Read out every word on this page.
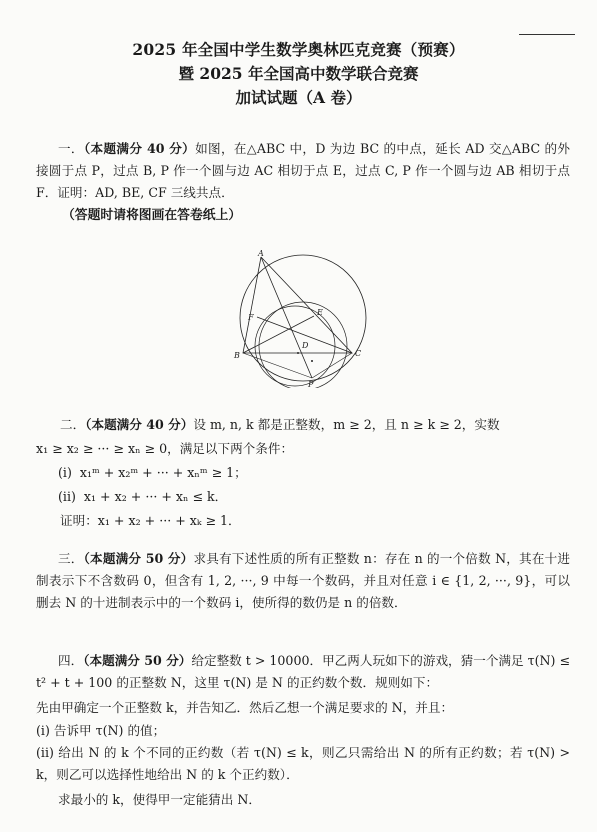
2025 年全国中学生数学奥林匹克竞赛（预赛）
暨 2025 年全国高中数学联合竞赛
加试试题（A 卷）
一．（本题满分 40 分）如图，在△ABC 中，D 为边 BC 的中点，延长 AD 交△ABC 的外接圆于点 P，过点 B, P 作一个圆与边 AC 相切于点 E，过点 C, P 作一个圆与边 AB 相切于点 F．证明：AD, BE, CF 三线共点．
（答题时请将图画在答卷纸上）
A
B	C
D
E
F
P
二．（本题满分 40 分）设 m, n, k 都是正整数，m ≥ 2，且 n ≥ k ≥ 2，实数
x₁ ≥ x₂ ≥ ··· ≥ xₙ ≥ 0，满足以下两个条件：
(i) x₁ᵐ + x₂ᵐ + ··· + xₙᵐ ≥ 1；
(ii) x₁ + x₂ + ··· + xₙ ≤ k．
证明：x₁ + x₂ + ··· + xₖ ≥ 1．
三．（本题满分 50 分）求具有下述性质的所有正整数 n：存在 n 的一个倍数 N，其在十进制表示下不含数码 0，但含有 1, 2, ···, 9 中每一个数码，并且对任意 i ∈ {1, 2, ···, 9}，可以删去 N 的十进制表示中的一个数码 i，使所得的数仍是 n 的倍数．
四．（本题满分 50 分）给定整数 t > 10000．甲乙两人玩如下的游戏，猜一个满足 τ(N) ≤ t² + t + 100 的正整数 N，这里 τ(N) 是 N 的正约数个数．规则如下：
先由甲确定一个正整数 k，并告知乙．然后乙想一个满足要求的 N，并且：
(i) 告诉甲 τ(N) 的值；
(ii) 给出 N 的 k 个不同的正约数（若 τ(N) ≤ k，则乙只需给出 N 的所有正约数；若 τ(N) > k，则乙可以选择性地给出 N 的 k 个正约数）．
求最小的 k，使得甲一定能猜出 N．
